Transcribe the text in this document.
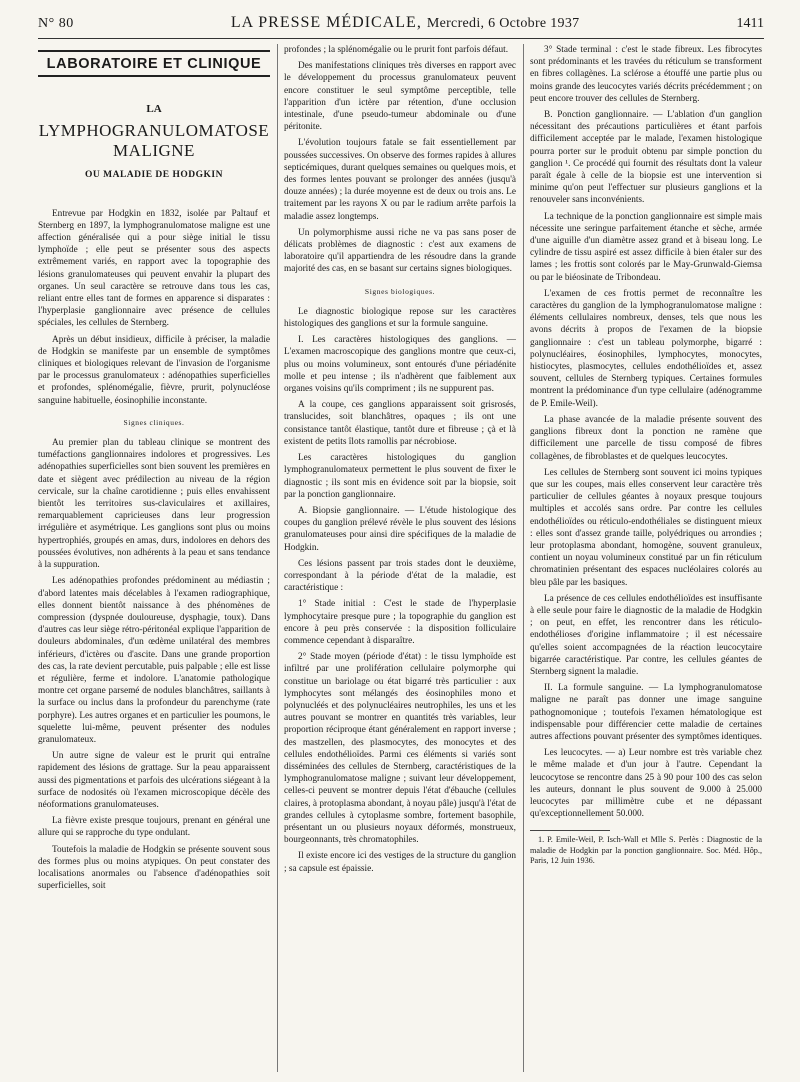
N° 80	LA PRESSE MÉDICALE, Mercredi, 6 Octobre 1937	1411
LABORATOIRE ET CLINIQUE
LA
LYMPHOGRANULOMATOSE MALIGNE
OU MALADIE DE HODGKIN

Entrevue par Hodgkin en 1832, isolée par Paltauf et Sternberg en 1897, la lymphogranulomatose maligne est une affection généralisée qui a pour siège initial le tissu lymphoïde ; elle peut se présenter sous des aspects extrêmement variés, en rapport avec la topographie des lésions granulomateuses qui peuvent envahir la plupart des organes. Un seul caractère se retrouve dans tous les cas, reliant entre elles tant de formes en apparence si disparates : l'hyperplasie ganglionnaire avec présence de cellules spéciales, les cellules de Sternberg.

Après un début insidieux, difficile à préciser, la maladie de Hodgkin se manifeste par un ensemble de symptômes cliniques et biologiques relevant de l'invasion de l'organisme par le processus granulomateux : adénopathies superficielles et profondes, splénomégalie, fièvre, prurit, polynucléose sanguine habituelle, éosinophilie inconstante.

Signes cliniques.

Au premier plan du tableau clinique se montrent des tuméfactions ganglionnaires indolores et progressives. Les adénopathies superficielles sont bien souvent les premières en date et siègent avec prédilection au niveau de la région cervicale, sur la chaîne carotidienne ; puis elles envahissent bientôt les territoires sus-claviculaires et axillaires, remarquablement capricieuses dans leur progression irrégulière et asymétrique. Les ganglions sont plus ou moins hypertrophiés, groupés en amas, durs, indolores en dehors des poussées évolutives, non adhérents à la peau et sans tendance à la suppuration.

Les adénopathies profondes prédominent au médiastin ; d'abord latentes mais décelables à l'examen radiographique, elles donnent bientôt naissance à des phénomènes de compression (dyspnée douloureuse, dysphagie, toux). Dans d'autres cas leur siège rétro-péritonéal explique l'apparition de douleurs abdominales, d'un œdème unilatéral des membres inférieurs, d'ictères ou d'ascite. Dans une grande proportion des cas, la rate devient percutable, puis palpable ; elle est lisse et régulière, ferme et indolore. L'anatomie pathologique montre cet organe parsemé de nodules blanchâtres, saillants à la surface ou inclus dans la profondeur du parenchyme (rate porphyre). Les autres organes et en particulier les poumons, le squelette lui-même, peuvent présenter des nodules granulomateux.

Un autre signe de valeur est le prurit qui entraîne rapidement des lésions de grattage. Sur la peau apparaissent aussi des pigmentations et parfois des ulcérations siégeant à la surface de nodosités où l'examen microscopique décèle des néoformations granulomateuses.

La fièvre existe presque toujours, prenant en général une allure qui se rapproche du type ondulant.

Toutefois la maladie de Hodgkin se présente souvent sous des formes plus ou moins atypiques. On peut constater des localisations anormales ou l'absence d'adénopathies soit superficielles, soit

profondes ; la splénomégalie ou le prurit font parfois défaut.

Des manifestations cliniques très diverses en rapport avec le développement du processus granulomateux peuvent encore constituer le seul symptôme perceptible, telle l'apparition d'un ictère par rétention, d'une occlusion intestinale, d'une pseudo-tumeur abdominale ou d'une péritonite.

L'évolution toujours fatale se fait essentiellement par poussées successives. On observe des formes rapides à allures septicémiques, durant quelques semaines ou quelques mois, et des formes lentes pouvant se prolonger des années (jusqu'à douze années) ; la durée moyenne est de deux ou trois ans. Le traitement par les rayons X ou par le radium arrête parfois la maladie assez longtemps.

Un polymorphisme aussi riche ne va pas sans poser de délicats problèmes de diagnostic : c'est aux examens de laboratoire qu'il appartiendra de les résoudre dans la grande majorité des cas, en se basant sur certains signes biologiques.

Signes biologiques.

Le diagnostic biologique repose sur les caractères histologiques des ganglions et sur la formule sanguine.

I. Les caractères histologiques des ganglions. — L'examen macroscopique des ganglions montre que ceux-ci, plus ou moins volumineux, sont entourés d'une périadénite molle et peu intense ; ils n'adhèrent que faiblement aux organes voisins qu'ils compriment ; ils ne suppurent pas.

A la coupe, ces ganglions apparaissent soit grisrosés, translucides, soit blanchâtres, opaques ; ils ont une consistance tantôt élastique, tantôt dure et fibreuse ; çà et là existent de petits îlots ramollis par nécrobiose.

Les caractères histologiques du ganglion lymphogranulomateux permettent le plus souvent de fixer le diagnostic ; ils sont mis en évidence soit par la biopsie, soit par la ponction ganglionnaire.

A. Biopsie ganglionnaire. — L'étude histologique des coupes du ganglion prélevé révèle le plus souvent des lésions granulomateuses pour ainsi dire spécifiques de la maladie de Hodgkin.

Ces lésions passent par trois stades dont le deuxième, correspondant à la période d'état de la maladie, est caractéristique :

1° Stade initial : C'est le stade de l'hyperplasie lymphocytaire presque pure ; la topographie du ganglion est encore à peu près conservée : la disposition folliculaire commence cependant à disparaître.

2° Stade moyen (période d'état) : le tissu lymphoïde est infiltré par une prolifération cellulaire polymorphe qui constitue un bariolage ou état bigarré très particulier : aux lymphocytes sont mélangés des éosinophiles mono et polynucléés et des polynucléaires neutrophiles, les uns et les autres pouvant se montrer en quantités très variables, leur proportion réciproque étant généralement en rapport inverse ; des mastzellen, des plasmocytes, des monocytes et des cellules endothélioïdes. Parmi ces éléments si variés sont disséminées des cellules de Sternberg, caractéristiques de la lymphogranulomatose maligne ; suivant leur développement, celles-ci peuvent se montrer depuis l'état d'ébauche (cellules claires, à protoplasma abondant, à noyau pâle) jusqu'à l'état de grandes cellules à cytoplasme sombre, fortement basophile, présentant un ou plusieurs noyaux déformés, monstrueux, bourgeonnants, très chromatophiles.

Il existe encore ici des vestiges de la structure du ganglion ; sa capsule est épaissie.

3° Stade terminal : c'est le stade fibreux. Les fibrocytes sont prédominants et les travées du réticulum se transforment en fibres collagènes. La sclérose a étouffé une partie plus ou moins grande des leucocytes variés décrits précédemment ; on peut encore trouver des cellules de Sternberg.

B. Ponction ganglionnaire. — L'ablation d'un ganglion nécessitant des précautions particulières et étant parfois difficilement acceptée par le malade, l'examen histologique pourra porter sur le produit obtenu par simple ponction du ganglion ¹. Ce procédé qui fournit des résultats dont la valeur paraît égale à celle de la biopsie est une intervention si minime qu'on peut l'effectuer sur plusieurs ganglions et la renouveler sans inconvénients.

La technique de la ponction ganglionnaire est simple mais nécessite une seringue parfaitement étanche et sèche, armée d'une aiguille d'un diamètre assez grand et à biseau long. Le cylindre de tissu aspiré est assez difficile à bien étaler sur des lames ; les frottis sont colorés par le May-Grunwald-Giemsa ou par le biéosinate de Tribondeau.

L'examen de ces frottis permet de reconnaître les caractères du ganglion de la lymphogranulomatose maligne : éléments cellulaires nombreux, denses, tels que nous les avons décrits à propos de l'examen de la biopsie ganglionnaire : c'est un tableau polymorphe, bigarré : polynucléaires, éosinophiles, lymphocytes, monocytes, histiocytes, plasmocytes, cellules endothélioïdes et, assez souvent, cellules de Sternberg typiques. Certaines formules montrent la prédominance d'un type cellulaire (adénogramme de P. Emile-Weil).

La phase avancée de la maladie présente souvent des ganglions fibreux dont la ponction ne ramène que difficilement une parcelle de tissu composé de fibres collagènes, de fibroblastes et de quelques leucocytes.

Les cellules de Sternberg sont souvent ici moins typiques que sur les coupes, mais elles conservent leur caractère très particulier de cellules géantes à noyaux presque toujours multiples et accolés sans ordre. Par contre les cellules endothélioïdes ou réticulo-endothéliales se distinguent mieux : elles sont d'assez grande taille, polyédriques ou arrondies ; leur protoplasma abondant, homogène, souvent granuleux, contient un noyau volumineux constitué par un fin réticulum chromatinien présentant des espaces nucléolaires colorés au bleu pâle par les basiques.

La présence de ces cellules endothélioïdes est insuffisante à elle seule pour faire le diagnostic de la maladie de Hodgkin ; on peut, en effet, les rencontrer dans les réticulo-endothélioses d'origine inflammatoire ; il est nécessaire qu'elles soient accompagnées de la réaction leucocytaire bigarrée caractéristique. Par contre, les cellules géantes de Sternberg signent la maladie.

II. La formule sanguine. — La lymphogranulomatose maligne ne paraît pas donner une image sanguine pathognomonique ; toutefois l'examen hématologique est indispensable pour différencier cette maladie de certaines autres affections pouvant présenter des symptômes identiques.

Les leucocytes. — a) Leur nombre est très variable chez le même malade et d'un jour à l'autre. Cependant la leucocytose se rencontre dans 25 à 90 pour 100 des cas selon les auteurs, donnant le plus souvent de 9.000 à 25.000 leucocytes par millimètre cube et ne dépassant qu'exceptionnellement 50.000.

1. P. Emile-Weil, P. Isch-Wall et Mlle S. Perlès : Diagnostic de la maladie de Hodgkin par la ponction ganglionnaire. Soc. Méd. Hôp., Paris, 12 Juin 1936.
